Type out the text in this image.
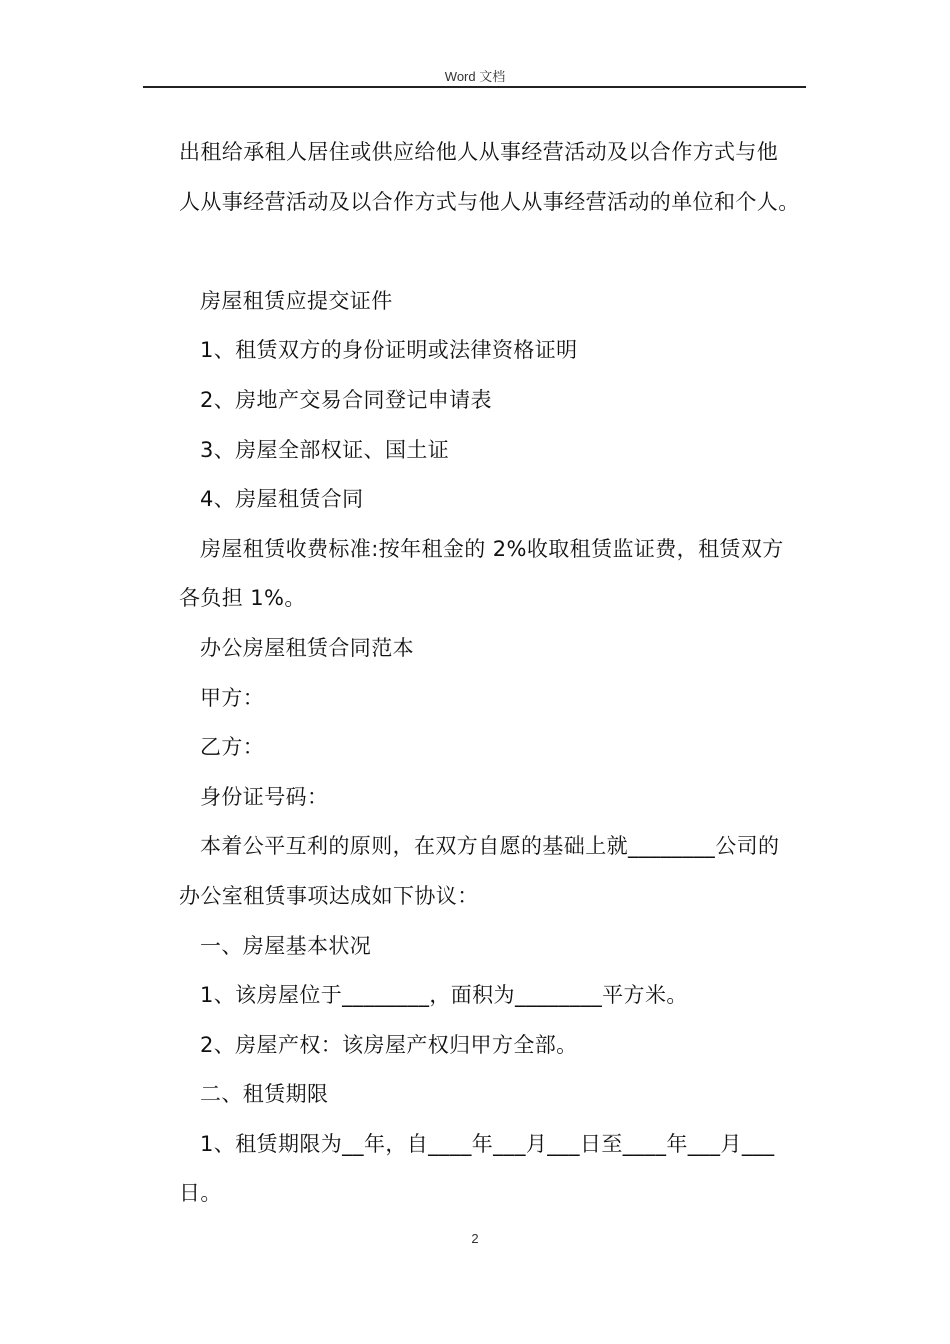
Word 文档

出租给承租人居住或供应给他人从事经营活动及以合作方式与他

人从事经营活动及以合作方式与他人从事经营活动的单位和个人。

房屋租赁应提交证件

1、租赁双方的身份证明或法律资格证明

2、房地产交易合同登记申请表

3、房屋全部权证、国土证

4、房屋租赁合同

房屋租赁收费标准:按年租金的 2%收取租赁监证费，租赁双方

各负担 1%。

办公房屋租赁合同范本

甲方：

乙方：

身份证号码：

本着公平互利的原则，在双方自愿的基础上就________公司的

办公室租赁事项达成如下协议：

一、房屋基本状况

1、该房屋位于________，面积为________平方米。

2、房屋产权：该房屋产权归甲方全部。

二、租赁期限

1、租赁期限为__年，自____年___月___日至____年___月___

日。

2
